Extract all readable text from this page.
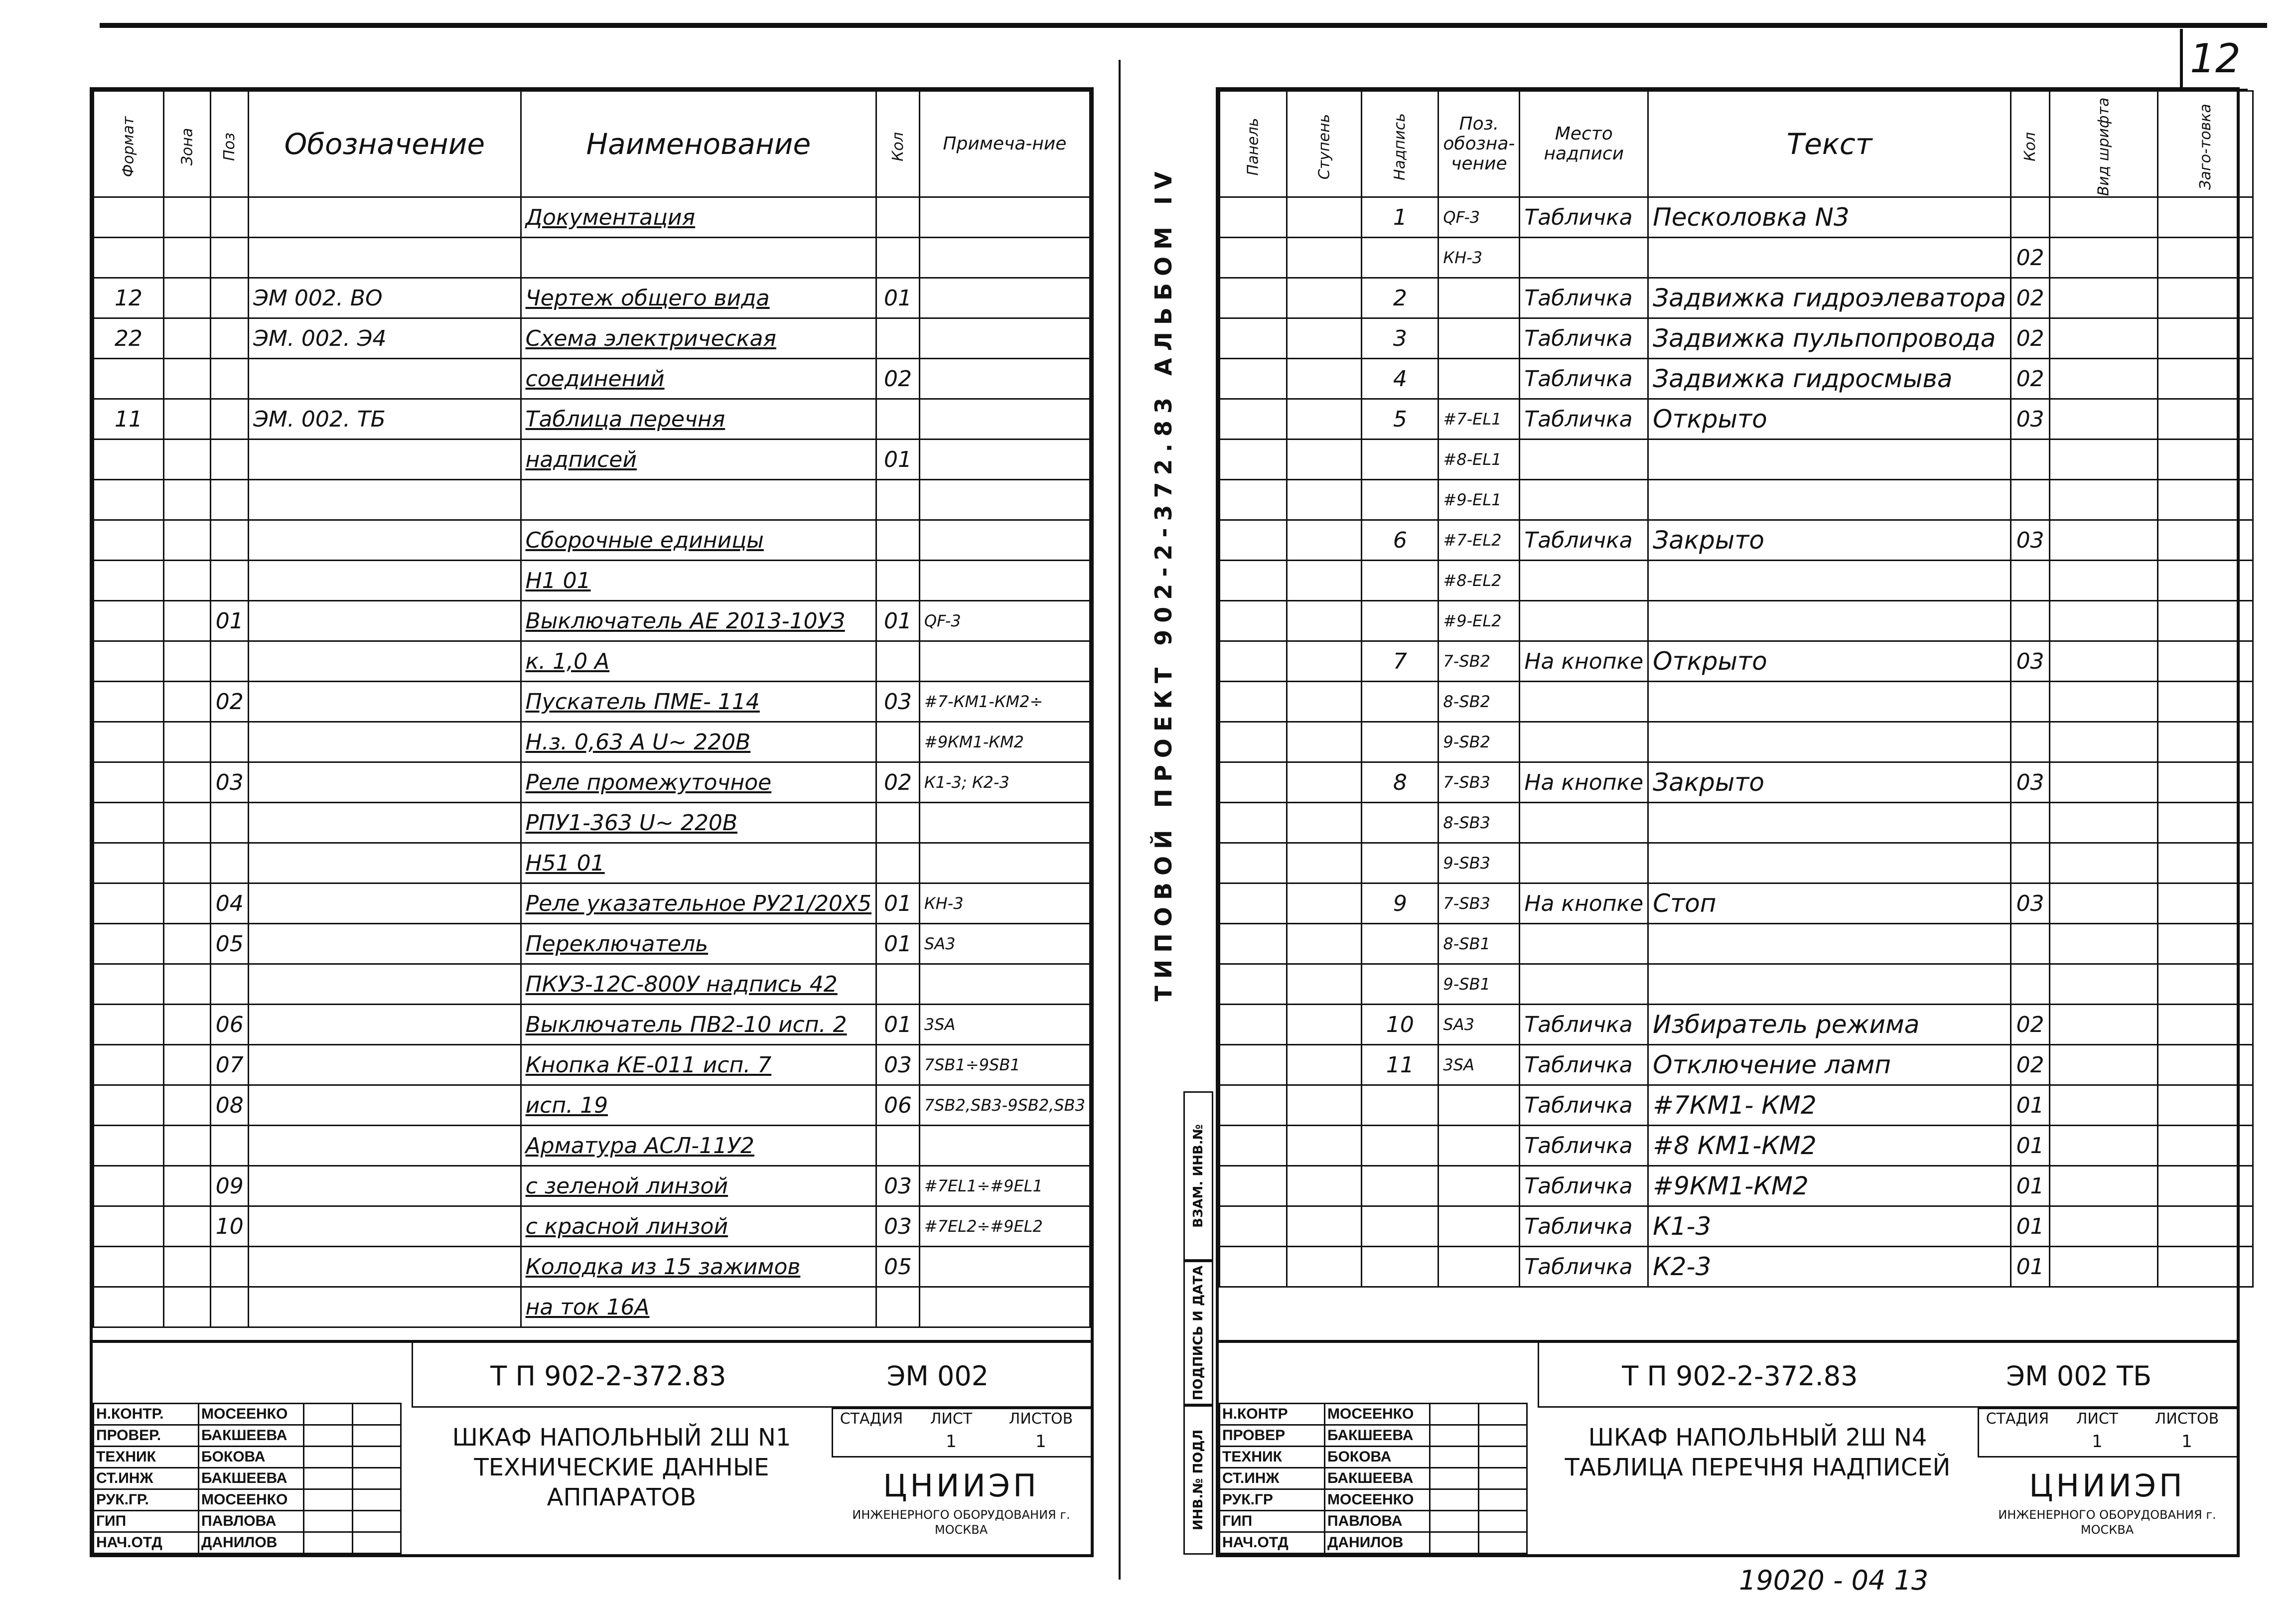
12
Формат	Зона	Поз	Обозначение	Наименование	Кол	Примеча-ние
				Документация		

12			ЭМ 002. ВО	Чертеж общего вида	01	
22			ЭМ. 002. Э4	Схема электрическая		
				соединений	02	
11			ЭМ. 002. ТБ	Таблица перечня		
				надписей	01	

				Сборочные единицы		
				Н1 01		
		01		Выключатель АЕ 2013-10УЗ	01	QF-3
				к. 1,0 А		
		02		Пускатель ПМЕ- 114	03	#7-КМ1-КМ2÷
				Н.з. 0,63 А U~ 220В		#9КМ1-КМ2
		03		Реле промежуточное	02	К1-3; К2-3
				РПУ1-363 U~ 220В		
				Н51 01		
		04		Реле указательное РУ21/20Х5	01	КН-3
		05		Переключатель	01	SA3
				ПКУЗ-12С-800У надпись 42		
		06		Выключатель ПВ2-10 исп. 2	01	3SA
		07		Кнопка КЕ-011 исп. 7	03	7SB1÷9SB1
		08		исп. 19	06	7SB2,SB3-9SB2,SB3
				Арматура АСЛ-11У2		
		09		с зеленой линзой	03	#7EL1÷#9EL1
		10		с красной линзой	03	#7EL2÷#9EL2
				Колодка из 15 зажимов	05	
				на ток 16А		
Н.КОНТР.	МОСЕЕНКО		
ПРОВЕР.	БАКШЕЕВА		
ТЕХНИК	БОКОВА		
СТ.ИНЖ	БАКШЕЕВА		
РУК.ГР.	МОСЕЕНКО		
ГИП	ПАВЛОВА		
НАЧ.ОТД	ДАНИЛОВ		
Т П 902-2-372.83	ЭМ 002
ШКАФ НАПОЛЬНЫЙ 2Ш N1 ТЕХНИЧЕСКИЕ ДАННЫЕ АППАРАТОВ
СТАДИЯ	ЛИСТ	ЛИСТОВ
1	1
ЦНИИЭП
ИНЖЕНЕРНОГО ОБОРУДОВАНИЯ г. МОСКВА
ТИПОВОЙ ПРОЕКТ 902-2-372.83 АЛЬБОМ IV
ВЗАМ. ИНВ.№
ПОДПИСЬ И ДАТА
ИНВ.№ ПОДЛ
Панель	Ступень	Надпись	Поз. обозна-чение	Место надписи	Текст	Кол	Вид шрифта	Заго-товка
		1	QF-3	Табличка	Песколовка N3			
			КН-3			02		
		2		Табличка	Задвижка гидроэлеватора	02		
		3		Табличка	Задвижка пульпопровода	02		
		4		Табличка	Задвижка гидросмыва	02		
		5	#7-EL1	Табличка	Открыто	03		
			#8-EL1					
			#9-EL1					
		6	#7-EL2	Табличка	Закрыто	03		
			#8-EL2					
			#9-EL2					
		7	7-SB2	На кнопке	Открыто	03		
			8-SB2					
			9-SB2					
		8	7-SB3	На кнопке	Закрыто	03		
			8-SB3					
			9-SB3					
		9	7-SB3	На кнопке	Стоп	03		
			8-SB1					
			9-SB1					
		10	SA3	Табличка	Избиратель режима	02		
		11	3SA	Табличка	Отключение ламп	02		
				Табличка	#7КМ1- КМ2	01		
				Табличка	#8 КМ1-КМ2	01		
				Табличка	#9КМ1-КМ2	01		
				Табличка	К1-3	01		
				Табличка	К2-3	01		
Н.КОНТР	МОСЕЕНКО		
ПРОВЕР	БАКШЕЕВА		
ТЕХНИК	БОКОВА		
СТ.ИНЖ	БАКШЕЕВА		
РУК.ГР	МОСЕЕНКО		
ГИП	ПАВЛОВА		
НАЧ.ОТД	ДАНИЛОВ		
Т П 902-2-372.83	ЭМ 002 ТБ
ШКАФ НАПОЛЬНЫЙ 2Ш N4 ТАБЛИЦА ПЕРЕЧНЯ НАДПИСЕЙ
СТАДИЯ	ЛИСТ	ЛИСТОВ
1	1
ЦНИИЭП
ИНЖЕНЕРНОГО ОБОРУДОВАНИЯ г. МОСКВА
19020 - 04 13
